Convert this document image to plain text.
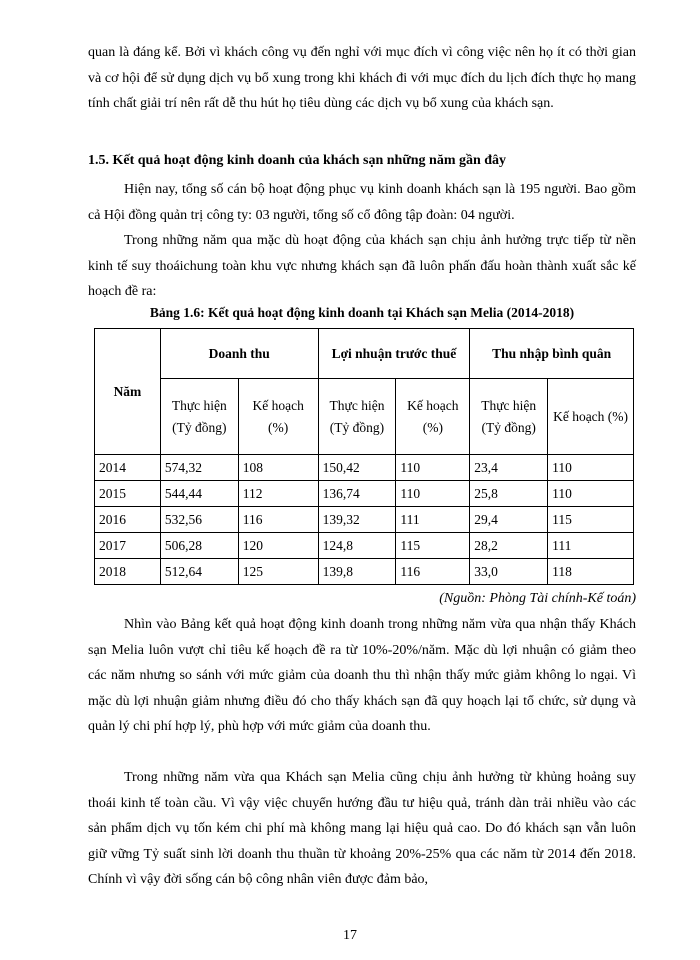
quan là đáng kể. Bởi vì khách công vụ đến nghỉ với mục đích vì công việc nên họ ít có thời gian và cơ hội để sử dụng dịch vụ bổ xung trong khi khách đi với mục đích du lịch đích thực họ mang tính chất giải trí nên rất dễ thu hút họ tiêu dùng các dịch vụ bổ xung của khách sạn.

1.5. Kết quả hoạt động kinh doanh của khách sạn những năm gần đây

Hiện nay, tổng số cán bộ hoạt động phục vụ kinh doanh khách sạn là 195 người. Bao gồm cả Hội đồng quản trị công ty: 03 người, tổng số cổ đông tập đoàn: 04 người.

Trong những năm qua mặc dù hoạt động của khách sạn chịu ảnh hưởng trực tiếp từ nền kinh tế suy thoáichung toàn khu vực nhưng khách sạn đã luôn phấn đấu hoàn thành xuất sắc kế hoạch đề ra:

Bảng 1.6: Kết quả hoạt động kinh doanh tại Khách sạn Melia (2014-2018)

Năm	Doanh thu		Lợi nhuận trước thuế		Thu nhập bình quân	
	Thực hiện (Tỷ đồng)	Kế hoạch (%)	Thực hiện (Tỷ đồng)	Kế hoạch (%)	Thực hiện (Tỷ đồng)	Kế hoạch (%)
2014	574,32	108	150,42	110	23,4	110
2015	544,44	112	136,74	110	25,8	110
2016	532,56	116	139,32	111	29,4	115
2017	506,28	120	124,8	115	28,2	111
2018	512,64	125	139,8	116	33,0	118

(Nguồn: Phòng Tài chính-Kế toán)

Nhìn vào Bảng kết quả hoạt động kinh doanh trong những năm vừa qua nhận thấy Khách sạn Melia luôn vượt chỉ tiêu kế hoạch đề ra từ 10%-20%/năm. Mặc dù lợi nhuận có giảm theo các năm nhưng so sánh với mức giảm của doanh thu thì nhận thấy mức giảm không lo ngại. Vì mặc dù lợi nhuận giảm nhưng điều đó cho thấy khách sạn đã quy hoạch lại tổ chức, sử dụng và quản lý chi phí hợp lý, phù hợp với mức giảm của doanh thu.

Trong những năm vừa qua Khách sạn Melia cũng chịu ảnh hưởng từ khủng hoảng suy thoái kinh tế toàn cầu. Vì vậy việc chuyển hướng đầu tư hiệu quả, tránh dàn trải nhiều vào các sản phẩm dịch vụ tốn kém chi phí mà không mang lại hiệu quả cao. Do đó khách sạn vẫn luôn giữ vững Tỷ suất sinh lời doanh thu thuần từ khoảng 20%-25% qua các năm từ 2014 đến 2018. Chính vì vậy đời sống cán bộ công nhân viên được đảm bảo,

17
